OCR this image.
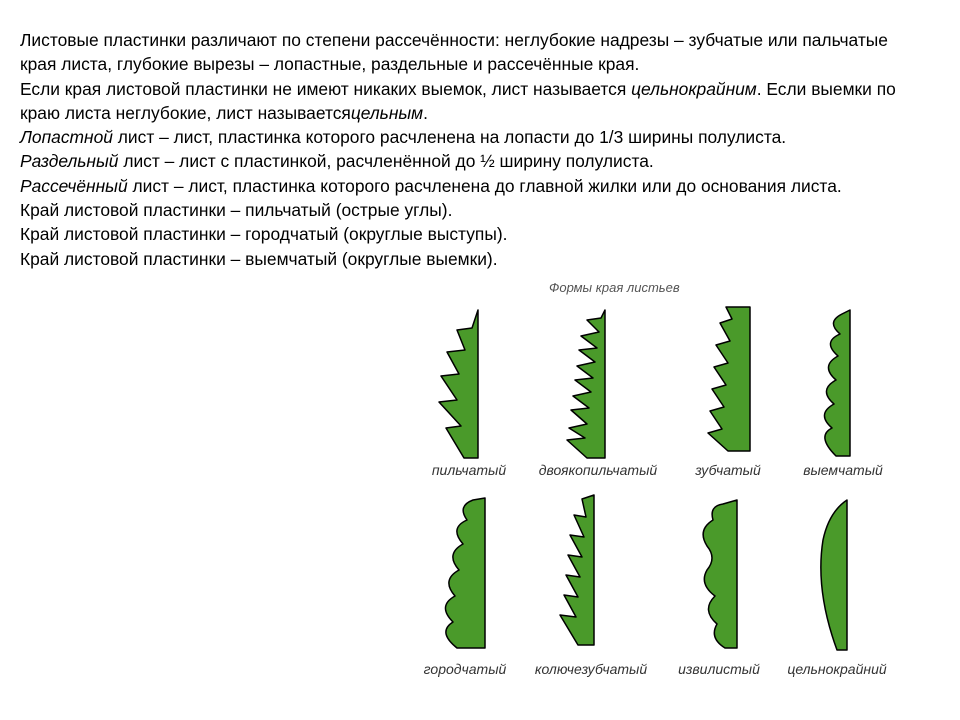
Листовые пластинки различают по степени рассечённости: неглубокие надрезы – зубчатые или пальчатые края листа, глубокие вырезы – лопастные, раздельные и рассечённые края.

Если края листовой пластинки не имеют никаких выемок, лист называется цельнокрайним. Если выемки по краю листа неглубокие, лист называетсяцельным.

Лопастной лист – лист, пластинка которого расчленена на лопасти до 1/3 ширины полулиста.

Раздельный лист – лист с пластинкой, расчленённой до ½ ширину полулиста.

Рассечённый лист – лист, пластинка которого расчленена до главной жилки или до основания листа.

Край листовой пластинки – пильчатый (острые углы).

Край листовой пластинки – городчатый (округлые выступы).

Край листовой пластинки – выемчатый (округлые выемки).

Формы края листьев
пильчатый	двоякопильчатый	зубчатый	выемчатый
городчатый	колючезубчатый	извилистый	цельнокрайний
